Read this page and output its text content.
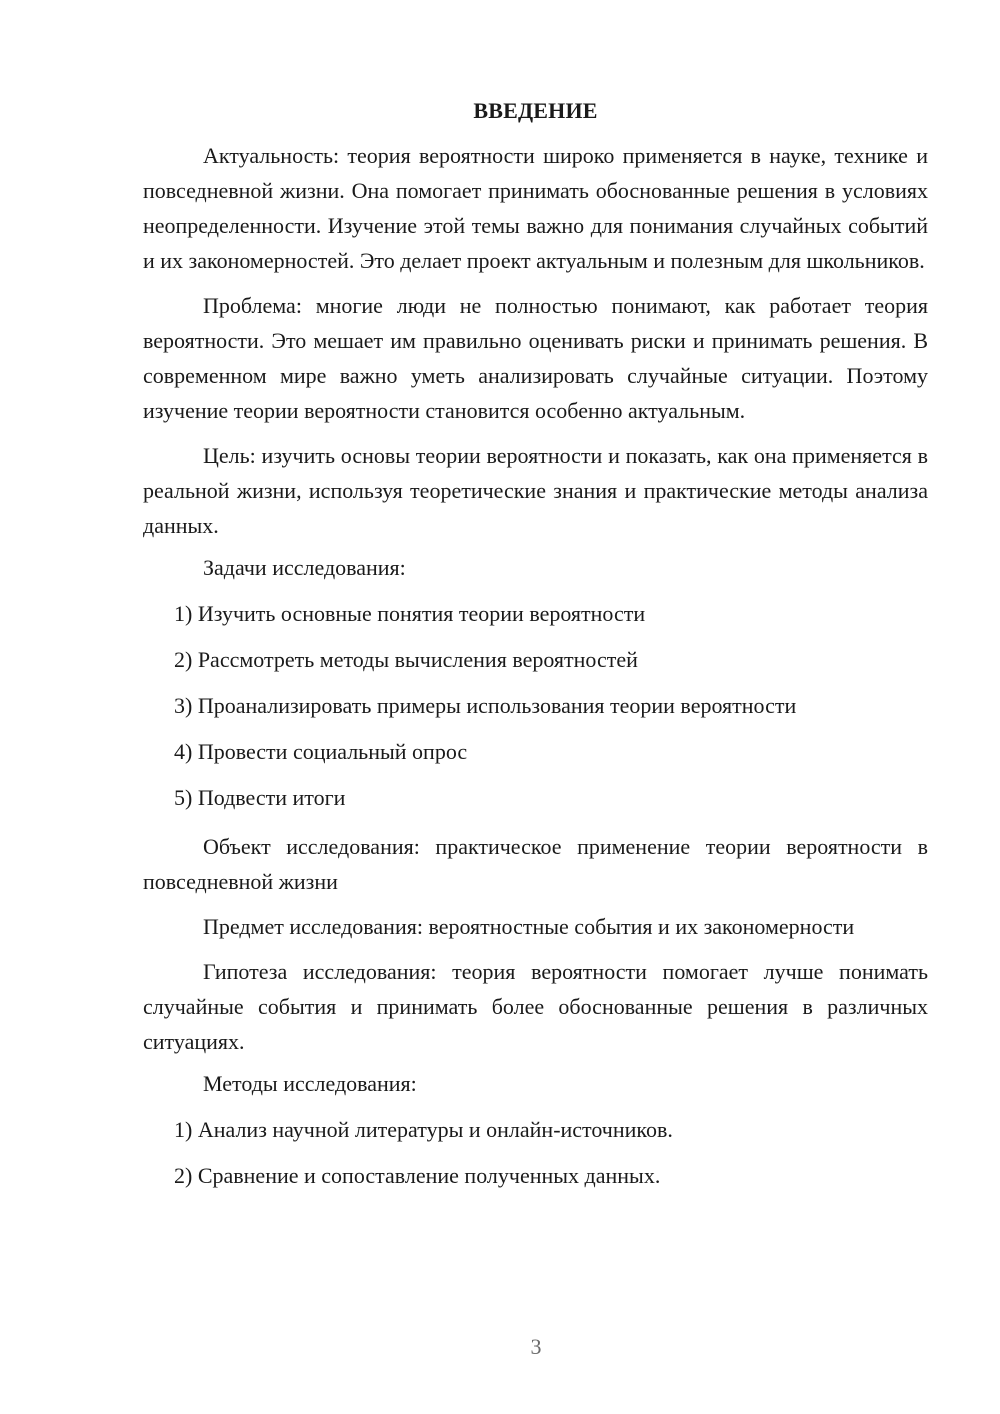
ВВЕДЕНИЕ

Актуальность: теория вероятности широко применяется в науке, технике и повседневной жизни. Она помогает принимать обоснованные решения в условиях неопределенности. Изучение этой темы важно для понимания случайных событий и их закономерностей. Это делает проект актуальным и полезным для школьников.

Проблема: многие люди не полностью понимают, как работает теория вероятности. Это мешает им правильно оценивать риски и принимать решения. В современном мире важно уметь анализировать случайные ситуации. Поэтому изучение теории вероятности становится особенно актуальным.

Цель: изучить основы теории вероятности и показать, как она применяется в реальной жизни, используя теоретические знания и практические методы анализа данных.

Задачи исследования:
1) Изучить основные понятия теории вероятности
2) Рассмотреть методы вычисления вероятностей
3) Проанализировать примеры использования теории вероятности
4) Провести социальный опрос
5) Подвести итоги

Объект исследования: практическое применение теории вероятности в повседневной жизни

Предмет исследования: вероятностные события и их закономерности

Гипотеза исследования: теория вероятности помогает лучше понимать случайные события и принимать более обоснованные решения в различных ситуациях.

Методы исследования:
1) Анализ научной литературы и онлайн-источников.
2) Сравнение и сопоставление полученных данных.
3
